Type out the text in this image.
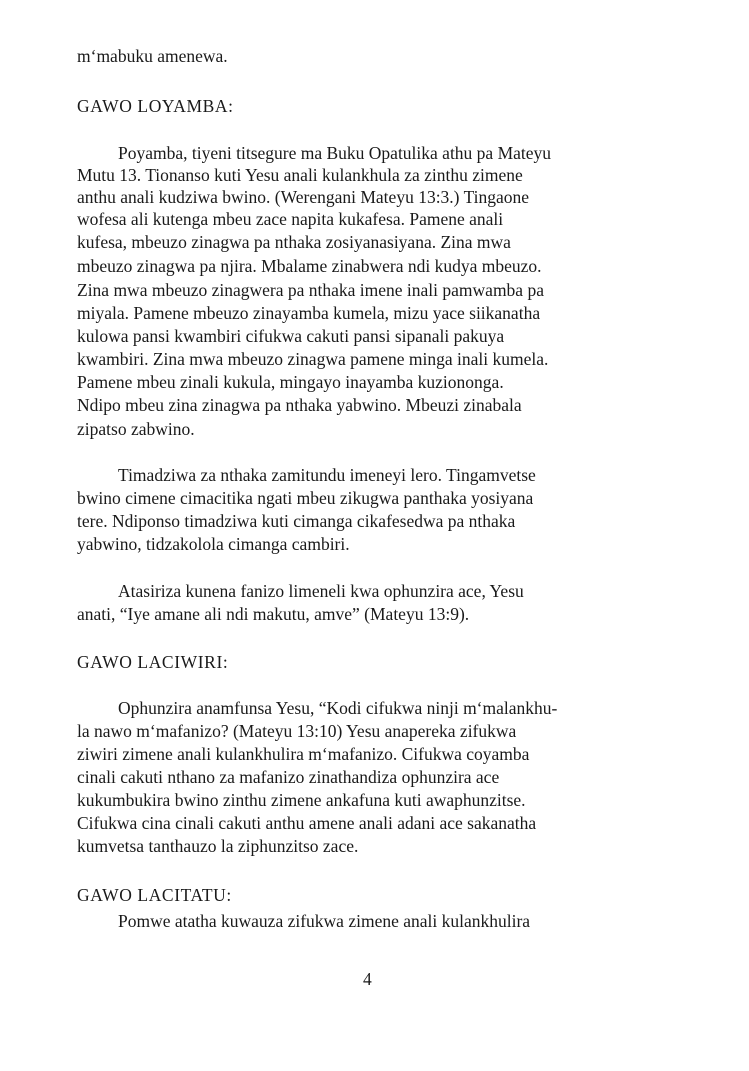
m‘mabuku amenewa.

GAWO LOYAMBA:

Poyamba, tiyeni titsegure ma Buku Opatulika athu pa Mateyu

Mutu 13. Tionanso kuti Yesu anali kulankhula za zinthu zimene

anthu anali kudziwa bwino. (Werengani Mateyu 13:3.) Tingaone

wofesa ali kutenga mbeu zace napita kukafesa. Pamene anali

kufesa, mbeuzo zinagwa pa nthaka zosiyanasiyana. Zina mwa

mbeuzo zinagwa pa njira. Mbalame zinabwera ndi kudya mbeuzo.

Zina mwa mbeuzo zinagwera pa nthaka imene inali pamwamba pa

miyala. Pamene mbeuzo zinayamba kumela, mizu yace siikanatha

kulowa pansi kwambiri cifukwa cakuti pansi sipanali pakuya

kwambiri. Zina mwa mbeuzo zinagwa pamene minga inali kumela.

Pamene mbeu zinali kukula, mingayo inayamba kuzionongа.

Ndipo mbeu zina zinagwa pa nthaka yabwino. Mbeuzi zinabala

zipatso zabwino.

Timadziwa za nthaka zamitundu imeneyi lero. Tingamvetse

bwino cimene cimacitika ngati mbeu zikugwa panthaka yosiyana

tere. Ndiponso timadziwa kuti cimanga cikafesedwa pa nthaka

yabwino, tidzakolola cimanga cambiri.

Atasiriza kunena fanizo limeneli kwa ophunzira ace, Yesu

anati, “Iye amane ali ndi makutu, amve” (Mateyu 13:9).

GAWO LACIWIRI:

Ophunzira anamfunsa Yesu, “Kodi cifukwa ninji m‘malankhu-

la nawo m‘mafanizo? (Mateyu 13:10) Yesu anapereka zifukwa

ziwiri zimene anali kulankhulira m‘mafanizo. Cifukwa coyamba

cinali cakuti nthano za mafanizo zinathandiza ophunzira ace

kukumbukira bwino zinthu zimene ankafuna kuti awaphunzitse.

Cifukwa cina cinali cakuti anthu amene anali adani ace sakanatha

kumvetsa tanthauzo la ziphunzitso zace.

GAWO LACITATU:

Pomwe atatha kuwauza zifukwa zimene anali kulankhulira

4
